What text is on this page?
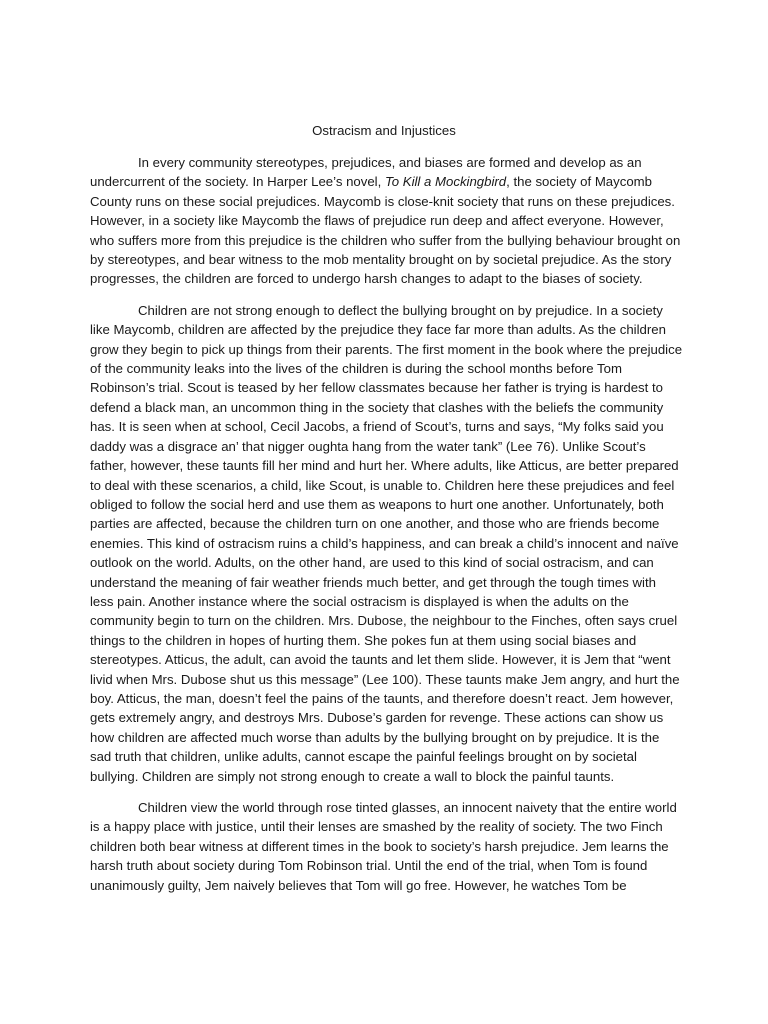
Ostracism and Injustices

In every community stereotypes, prejudices, and biases are formed and develop as an undercurrent of the society. In Harper Lee’s novel, To Kill a Mockingbird, the society of Maycomb County runs on these social prejudices. Maycomb is close-knit society that runs on these prejudices. However, in a society like Maycomb the flaws of prejudice run deep and affect everyone. However, who suffers more from this prejudice is the children who suffer from the bullying behaviour brought on by stereotypes, and bear witness to the mob mentality brought on by societal prejudice. As the story progresses, the children are forced to undergo harsh changes to adapt to the biases of society.

Children are not strong enough to deflect the bullying brought on by prejudice. In a society like Maycomb, children are affected by the prejudice they face far more than adults. As the children grow they begin to pick up things from their parents. The first moment in the book where the prejudice of the community leaks into the lives of the children is during the school months before Tom Robinson’s trial. Scout is teased by her fellow classmates because her father is trying is hardest to defend a black man, an uncommon thing in the society that clashes with the beliefs the community has. It is seen when at school, Cecil Jacobs, a friend of Scout’s, turns and says, “My folks said you daddy was a disgrace an’ that nigger oughta hang from the water tank” (Lee 76). Unlike Scout’s father, however, these taunts fill her mind and hurt her. Where adults, like Atticus, are better prepared to deal with these scenarios, a child, like Scout, is unable to. Children here these prejudices and feel obliged to follow the social herd and use them as weapons to hurt one another. Unfortunately, both parties are affected, because the children turn on one another, and those who are friends become enemies. This kind of ostracism ruins a child’s happiness, and can break a child’s innocent and naïve outlook on the world. Adults, on the other hand, are used to this kind of social ostracism, and can understand the meaning of fair weather friends much better, and get through the tough times with less pain. Another instance where the social ostracism is displayed is when the adults on the community begin to turn on the children. Mrs. Dubose, the neighbour to the Finches, often says cruel things to the children in hopes of hurting them. She pokes fun at them using social biases and stereotypes. Atticus, the adult, can avoid the taunts and let them slide. However, it is Jem that “went livid when Mrs. Dubose shut us this message” (Lee 100). These taunts make Jem angry, and hurt the boy. Atticus, the man, doesn’t feel the pains of the taunts, and therefore doesn’t react. Jem however, gets extremely angry, and destroys Mrs. Dubose’s garden for revenge. These actions can show us how children are affected much worse than adults by the bullying brought on by prejudice. It is the sad truth that children, unlike adults, cannot escape the painful feelings brought on by societal bullying. Children are simply not strong enough to create a wall to block the painful taunts.

Children view the world through rose tinted glasses, an innocent naivety that the entire world is a happy place with justice, until their lenses are smashed by the reality of society. The two Finch children both bear witness at different times in the book to society’s harsh prejudice. Jem learns the harsh truth about society during Tom Robinson trial. Until the end of the trial, when Tom is found unanimously guilty, Jem naively believes that Tom will go free. However, he watches Tom be
